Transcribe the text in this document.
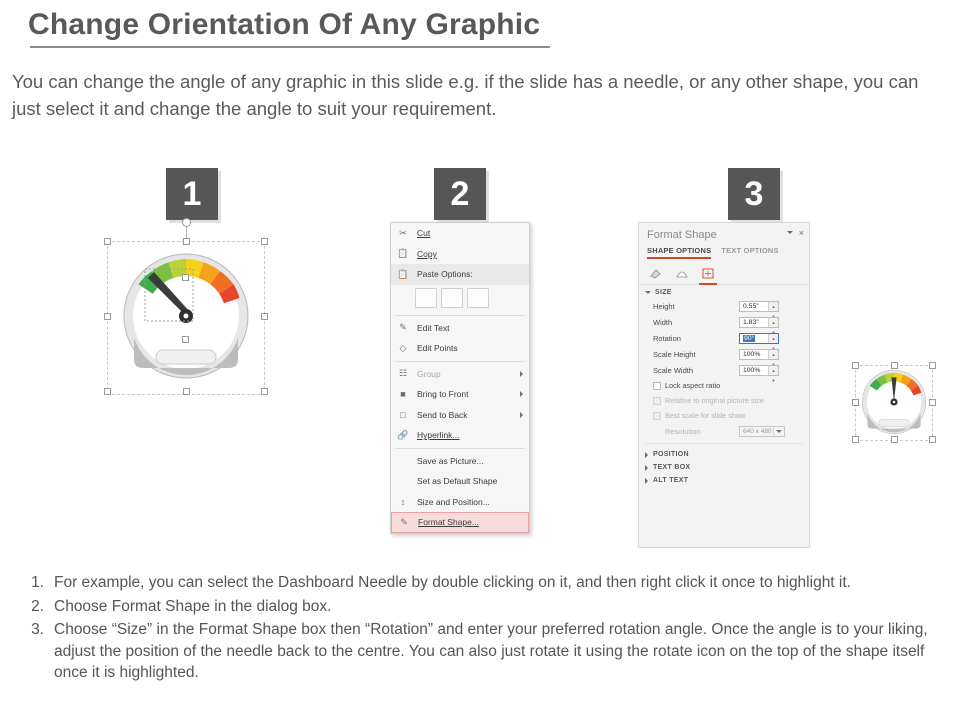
Change Orientation Of Any Graphic
You can change the angle of any graphic in this slide e.g. if the slide has a needle, or any other shape, you can just select it and change the angle to suit your requirement.
1	2	3
✂	Cut
📋 Copy
📋 Paste Options:
✎	Edit Text
◇	Edit Points
☷	Group
■	Bring to Front
□	Send to Back
🔗 Hyperlink...
Save as Picture...
Set as Default Shape
↕	Size and Position...
✎	Format Shape...
Format Shape	×
SHAPE OPTIONS TEXT OPTIONS
SIZE
Height	0.55"	▲
Width	1.83"	▲
Rotation	90°	▲
Scale Height	100%	▲
Scale Width	100%	▲
▼
Lock aspect ratio
Relative to original picture size
Best scale for slide show
Resolution	640 x 480
POSITION
TEXT BOX
ALT TEXT
1. For example, you can select the Dashboard Needle by double clicking on it, and then right click it once to highlight it.
2. Choose Format Shape in the dialog box.
3. Choose “Size” in the Format Shape box then “Rotation” and enter your preferred rotation angle. Once the angle is to your liking, adjust the position of the needle back to the centre. You can also just rotate it using the rotate icon on the top of the shape itself once it is highlighted.
